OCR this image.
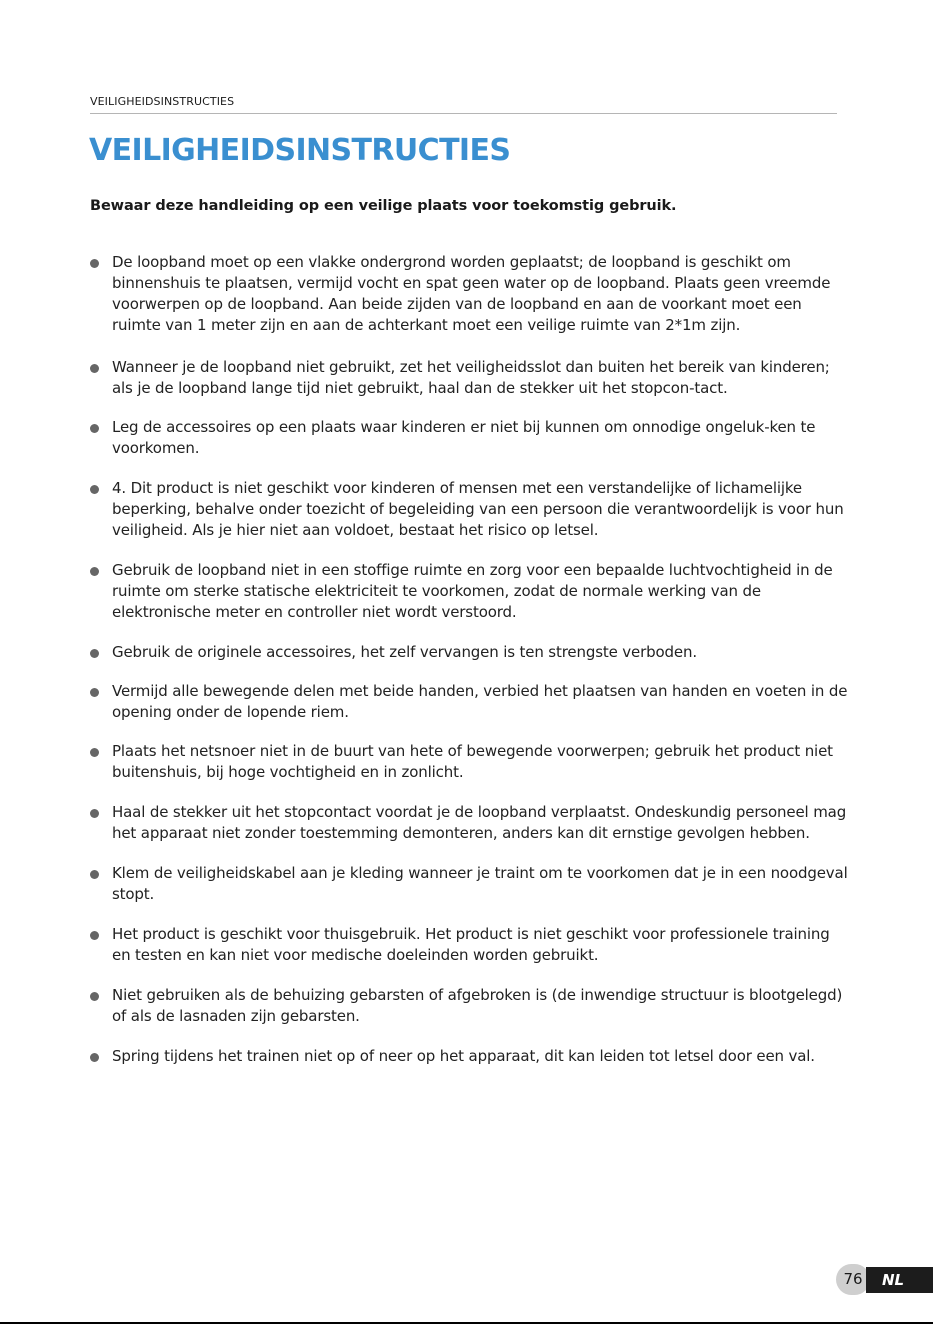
VEILIGHEIDSINSTRUCTIES
VEILIGHEIDSINSTRUCTIES

Bewaar deze handleiding op een veilige plaats voor toekomstig gebruik.

De loopband moet op een vlakke ondergrond worden geplaatst; de loopband is geschikt om binnenshuis te plaatsen, vermijd vocht en spat geen water op de loopband. Plaats geen vreemde voorwerpen op de loopband. Aan beide zijden van de loopband en aan de voorkant moet een ruimte van 1 meter zijn en aan de achterkant moet een veilige ruimte van 2*1m zijn.
Wanneer je de loopband niet gebruikt, zet het veiligheidsslot dan buiten het bereik van kinderen; als je de loopband lange tijd niet gebruikt, haal dan de stekker uit het stopcon-tact.
Leg de accessoires op een plaats waar kinderen er niet bij kunnen om onnodige ongeluk-ken te voorkomen.
4. Dit product is niet geschikt voor kinderen of mensen met een verstandelijke of lichamelijke beperking, behalve onder toezicht of begeleiding van een persoon die verantwoordelijk is voor hun veiligheid. Als je hier niet aan voldoet, bestaat het risico op letsel.
Gebruik de loopband niet in een stoffige ruimte en zorg voor een bepaalde luchtvochtigheid in de ruimte om sterke statische elektriciteit te voorkomen, zodat de normale werking van de elektronische meter en controller niet wordt verstoord.
Gebruik de originele accessoires, het zelf vervangen is ten strengste verboden.
Vermijd alle bewegende delen met beide handen, verbied het plaatsen van handen en voeten in de opening onder de lopende riem.
Plaats het netsnoer niet in de buurt van hete of bewegende voorwerpen; gebruik het product niet buitenshuis, bij hoge vochtigheid en in zonlicht.
Haal de stekker uit het stopcontact voordat je de loopband verplaatst. Ondeskundig personeel mag het apparaat niet zonder toestemming demonteren, anders kan dit ernstige gevolgen hebben.
Klem de veiligheidskabel aan je kleding wanneer je traint om te voorkomen dat je in een noodgeval stopt.
Het product is geschikt voor thuisgebruik. Het product is niet geschikt voor professionele training en testen en kan niet voor medische doeleinden worden gebruikt.
Niet gebruiken als de behuizing gebarsten of afgebroken is (de inwendige structuur is blootgelegd) of als de lasnaden zijn gebarsten.
Spring tijdens het trainen niet op of neer op het apparaat, dit kan leiden tot letsel door een val.
76	NL
